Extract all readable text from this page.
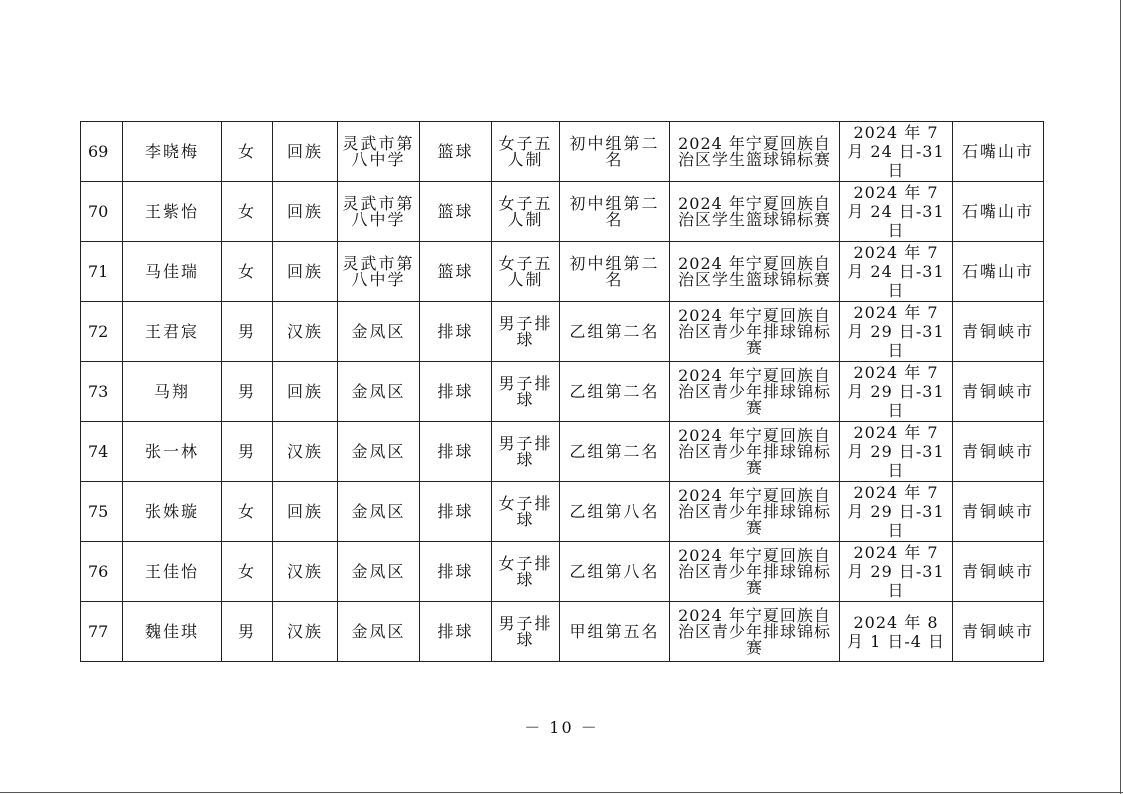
69	李晓梅	女	回族	灵武市第八中学	篮球	女子五人制	初中组第二名	2024 年宁夏回族自治区学生篮球锦标赛	2024 年 7 月 24 日-31 日	石嘴山市
70	王紫怡	女	回族	灵武市第八中学	篮球	女子五人制	初中组第二名	2024 年宁夏回族自治区学生篮球锦标赛	2024 年 7 月 24 日-31 日	石嘴山市
71	马佳瑞	女	回族	灵武市第八中学	篮球	女子五人制	初中组第二名	2024 年宁夏回族自治区学生篮球锦标赛	2024 年 7 月 24 日-31 日	石嘴山市
72	王君宸	男	汉族	金凤区	排球	男子排球	乙组第二名	2024 年宁夏回族自治区青少年排球锦标赛	2024 年 7 月 29 日-31 日	青铜峡市
73	马翔	男	回族	金凤区	排球	男子排球	乙组第二名	2024 年宁夏回族自治区青少年排球锦标赛	2024 年 7 月 29 日-31 日	青铜峡市
74	张一林	男	汉族	金凤区	排球	男子排球	乙组第二名	2024 年宁夏回族自治区青少年排球锦标赛	2024 年 7 月 29 日-31 日	青铜峡市
75	张姝璇	女	回族	金凤区	排球	女子排球	乙组第八名	2024 年宁夏回族自治区青少年排球锦标赛	2024 年 7 月 29 日-31 日	青铜峡市
76	王佳怡	女	汉族	金凤区	排球	女子排球	乙组第八名	2024 年宁夏回族自治区青少年排球锦标赛	2024 年 7 月 29 日-31 日	青铜峡市
77	魏佳琪	男	汉族	金凤区	排球	男子排球	甲组第五名	2024 年宁夏回族自治区青少年排球锦标赛	2024 年 8 月 1 日-4 日	青铜峡市
－ 10 －
